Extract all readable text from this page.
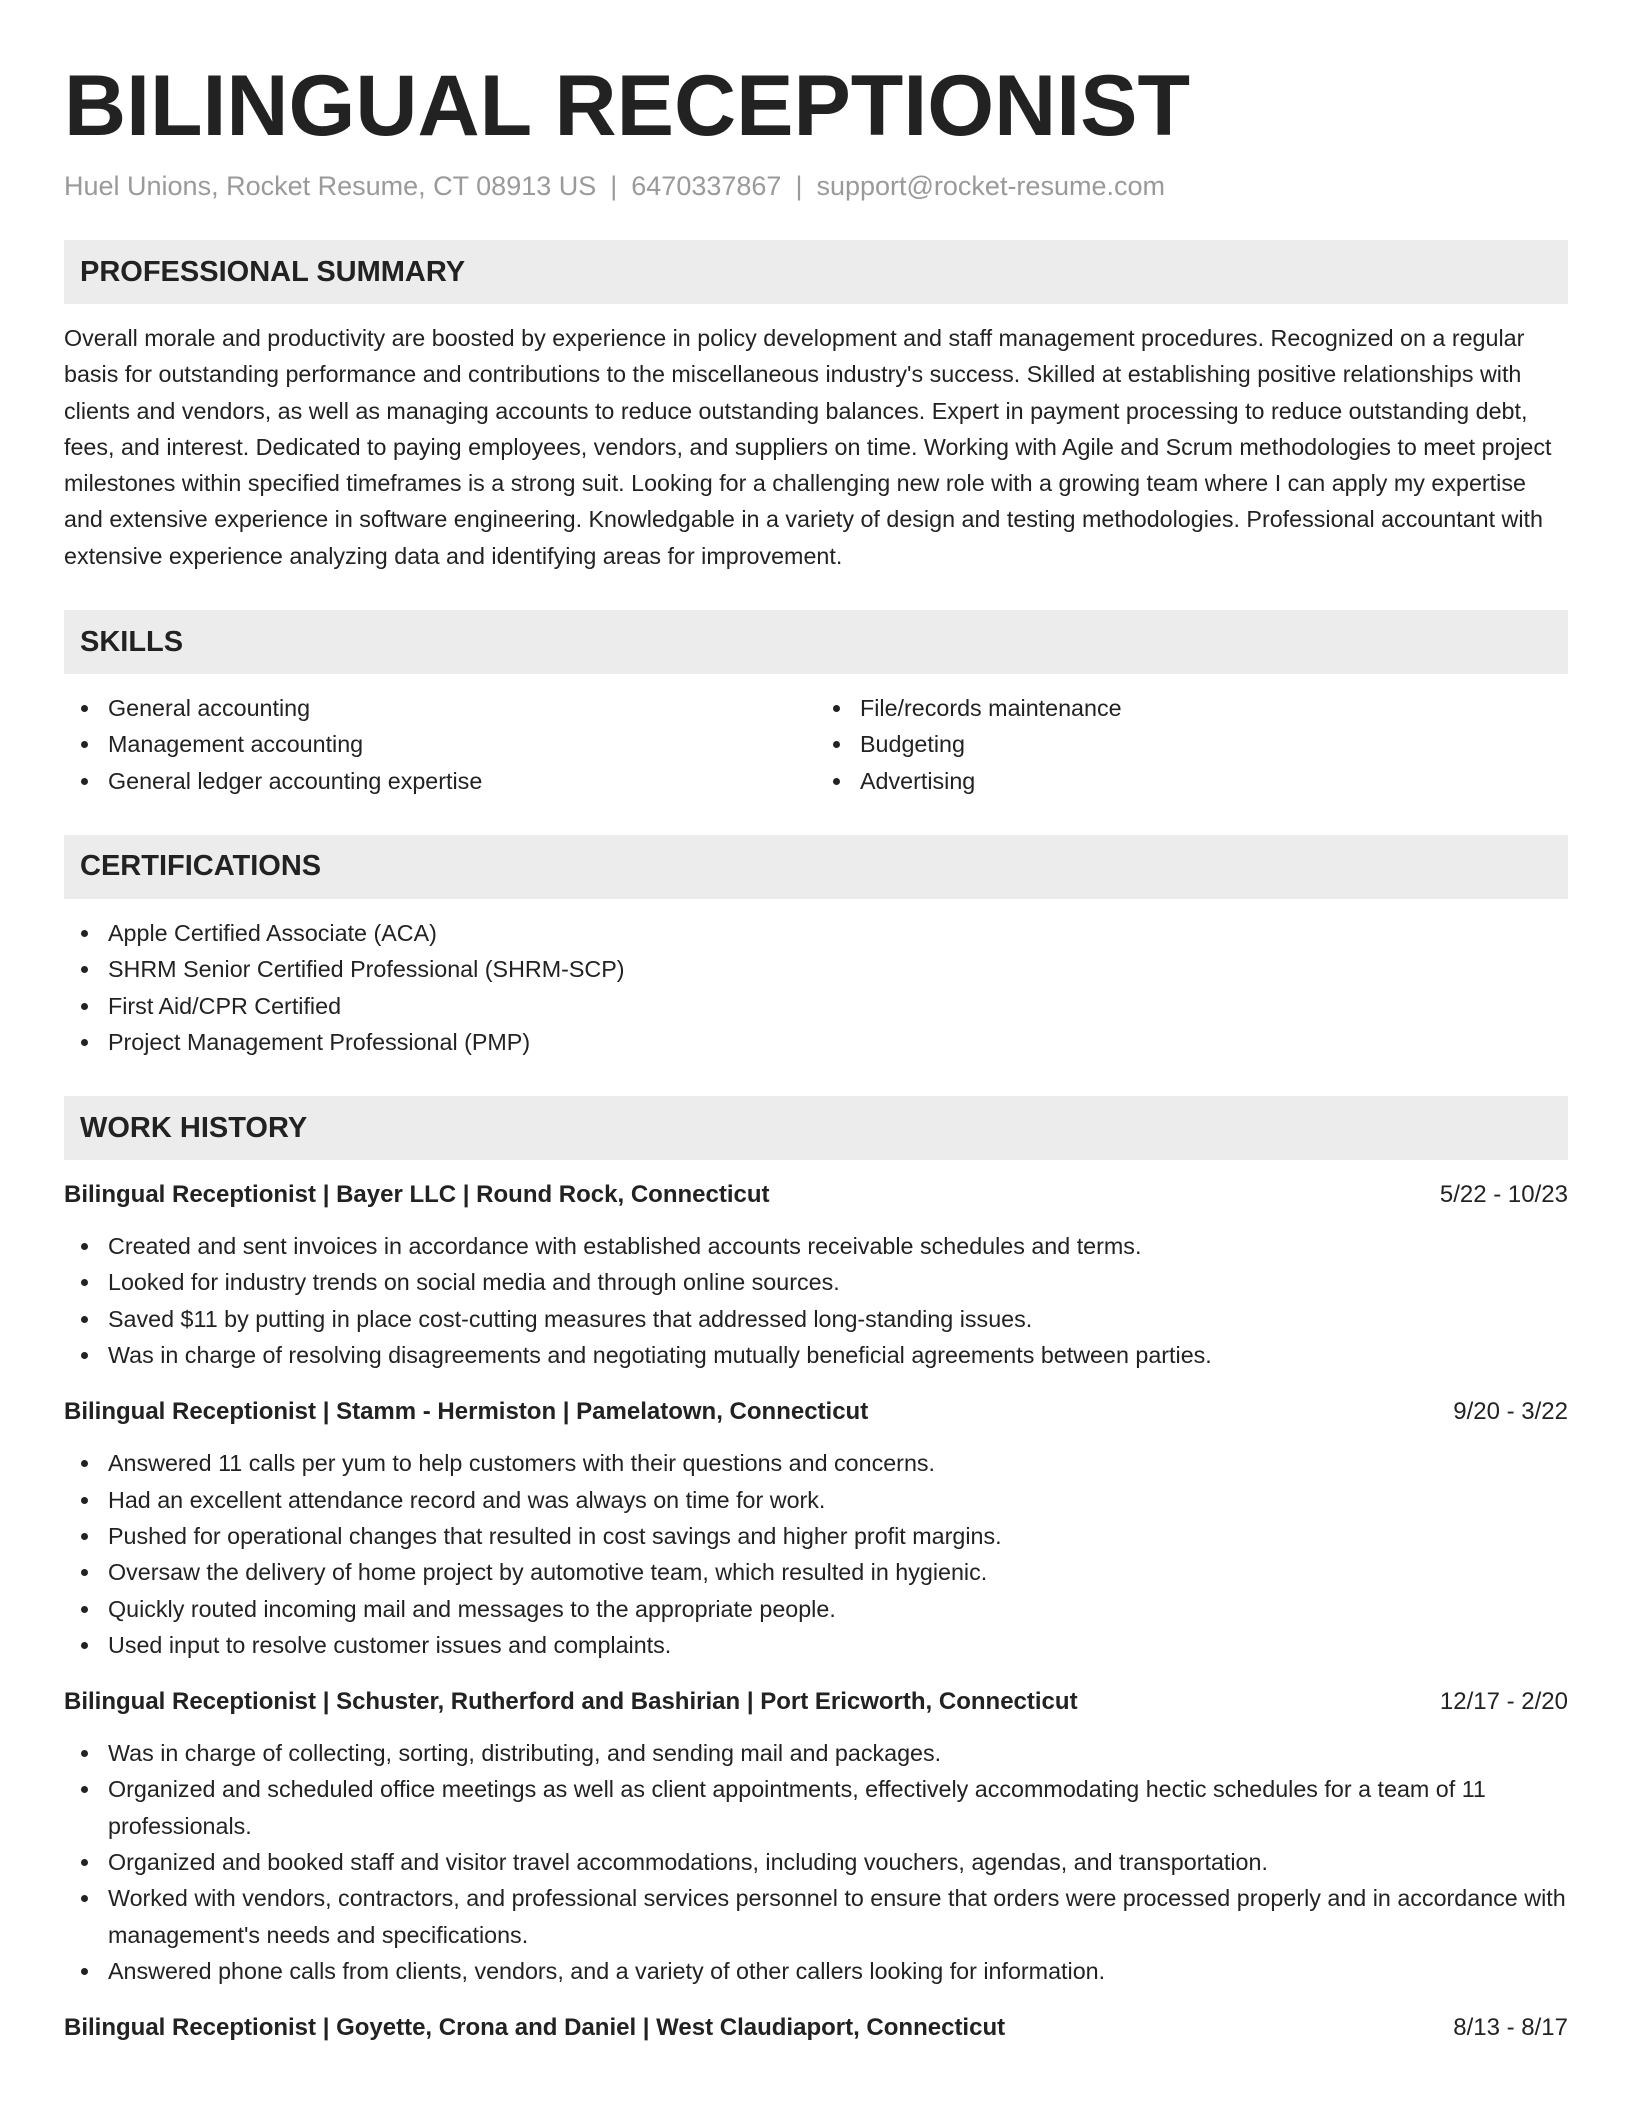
BILINGUAL RECEPTIONIST
Huel Unions, Rocket Resume, CT 08913 US | 6470337867 | support@rocket-resume.com
PROFESSIONAL SUMMARY
Overall morale and productivity are boosted by experience in policy development and staff management procedures. Recognized on a regular basis for outstanding performance and contributions to the miscellaneous industry's success. Skilled at establishing positive relationships with clients and vendors, as well as managing accounts to reduce outstanding balances. Expert in payment processing to reduce outstanding debt, fees, and interest. Dedicated to paying employees, vendors, and suppliers on time. Working with Agile and Scrum methodologies to meet project milestones within specified timeframes is a strong suit. Looking for a challenging new role with a growing team where I can apply my expertise and extensive experience in software engineering. Knowledgable in a variety of design and testing methodologies. Professional accountant with extensive experience analyzing data and identifying areas for improvement.
SKILLS
General accounting
Management accounting
General ledger accounting expertise
File/records maintenance
Budgeting
Advertising
CERTIFICATIONS
Apple Certified Associate (ACA)
SHRM Senior Certified Professional (SHRM-SCP)
First Aid/CPR Certified
Project Management Professional (PMP)
WORK HISTORY
Bilingual Receptionist | Bayer LLC | Round Rock, Connecticut	5/22 - 10/23
Created and sent invoices in accordance with established accounts receivable schedules and terms.
Looked for industry trends on social media and through online sources.
Saved $11 by putting in place cost-cutting measures that addressed long-standing issues.
Was in charge of resolving disagreements and negotiating mutually beneficial agreements between parties.
Bilingual Receptionist | Stamm - Hermiston | Pamelatown, Connecticut	9/20 - 3/22
Answered 11 calls per yum to help customers with their questions and concerns.
Had an excellent attendance record and was always on time for work.
Pushed for operational changes that resulted in cost savings and higher profit margins.
Oversaw the delivery of home project by automotive team, which resulted in hygienic.
Quickly routed incoming mail and messages to the appropriate people.
Used input to resolve customer issues and complaints.
Bilingual Receptionist | Schuster, Rutherford and Bashirian | Port Ericworth, Connecticut	12/17 - 2/20
Was in charge of collecting, sorting, distributing, and sending mail and packages.
Organized and scheduled office meetings as well as client appointments, effectively accommodating hectic schedules for a team of 11 professionals.
Organized and booked staff and visitor travel accommodations, including vouchers, agendas, and transportation.
Worked with vendors, contractors, and professional services personnel to ensure that orders were processed properly and in accordance with management's needs and specifications.
Answered phone calls from clients, vendors, and a variety of other callers looking for information.
Bilingual Receptionist | Goyette, Crona and Daniel | West Claudiaport, Connecticut	8/13 - 8/17
